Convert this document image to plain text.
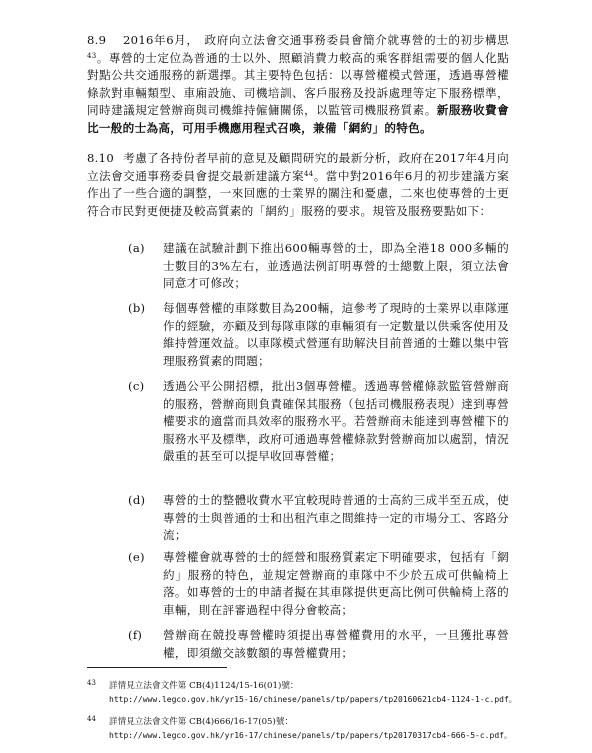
8.9 2016年6月， 政府向立法會交通事務委員會簡介就專營的士的初步構思$^{43}$。專營的士定位為普通的士以外、照顧消費力較高的乘客群組需要的個人化點對點公共交通服務的新選擇。其主要特色包括：以專營權模式營運，透過專營權條款對車輛類型、車廂設施、司機培訓、客戶服務及投訴處理等定下服務標準，同時建議規定營辦商與司機維持僱傭關係，以監管司機服務質素。新服務收費會比一般的士為高，可用手機應用程式召喚，兼備「網約」的特色。
8.10 考慮了各持份者早前的意見及顧問研究的最新分析，政府在2017年4月向立法會交通事務委員會提交最新建議方案$^{44}$。當中對2016年6月的初步建議方案作出了一些合適的調整，一來回應的士業界的關注和憂慮，二來也使專營的士更符合市民對更便捷及較高質素的「網約」服務的要求。規管及服務要點如下：
(a) 建議在試驗計劃下推出600輛專營的士，即為全港18 000多輛的士數目的3%左右，並透過法例訂明專營的士總數上限，須立法會同意才可修改；
(b) 每個專營權的車隊數目為200輛，這參考了現時的士業界以車隊運作的經驗，亦顧及到每隊車隊的車輛須有一定數量以供乘客使用及維持營運效益。以車隊模式營運有助解決目前普通的士難以集中管理服務質素的問題；
(c) 透過公平公開招標，批出3個專營權。透過專營權條款監管營辦商的服務，營辦商則負責確保其服務（包括司機服務表現）達到專營權要求的適當而具效率的服務水平。若營辦商未能達到專營權下的服務水平及標準，政府可通過專營權條款對營辦商加以處罰，情況嚴重的甚至可以提早收回專營權；
(d) 專營的士的整體收費水平宜較現時普通的士高約三成半至五成，使專營的士與普通的士和出租汽車之間維持一定的市場分工、客路分流；
(e) 專營權會就專營的士的經營和服務質素定下明確要求，包括有「網約」服務的特色，並規定營辦商的車隊中不少於五成可供輪椅上落。如專營的士的申請者擬在其車隊提供更高比例可供輪椅上落的車輛，則在評審過程中得分會較高；
(f) 營辦商在競投專營權時須提出專營權費用的水平，一旦獲批專營權，即須繳交該數額的專營權費用；
43 詳情見立法會文件第 CB(4)1124/15-16(01)號：
http://www.legco.gov.hk/yr15-16/chinese/panels/tp/papers/tp20160621cb4-1124-1-c.pdf。
44 詳情見立法會文件第 CB(4)666/16-17(05)號：
http://www.legco.gov.hk/yr16-17/chinese/panels/tp/papers/tp20170317cb4-666-5-c.pdf。
